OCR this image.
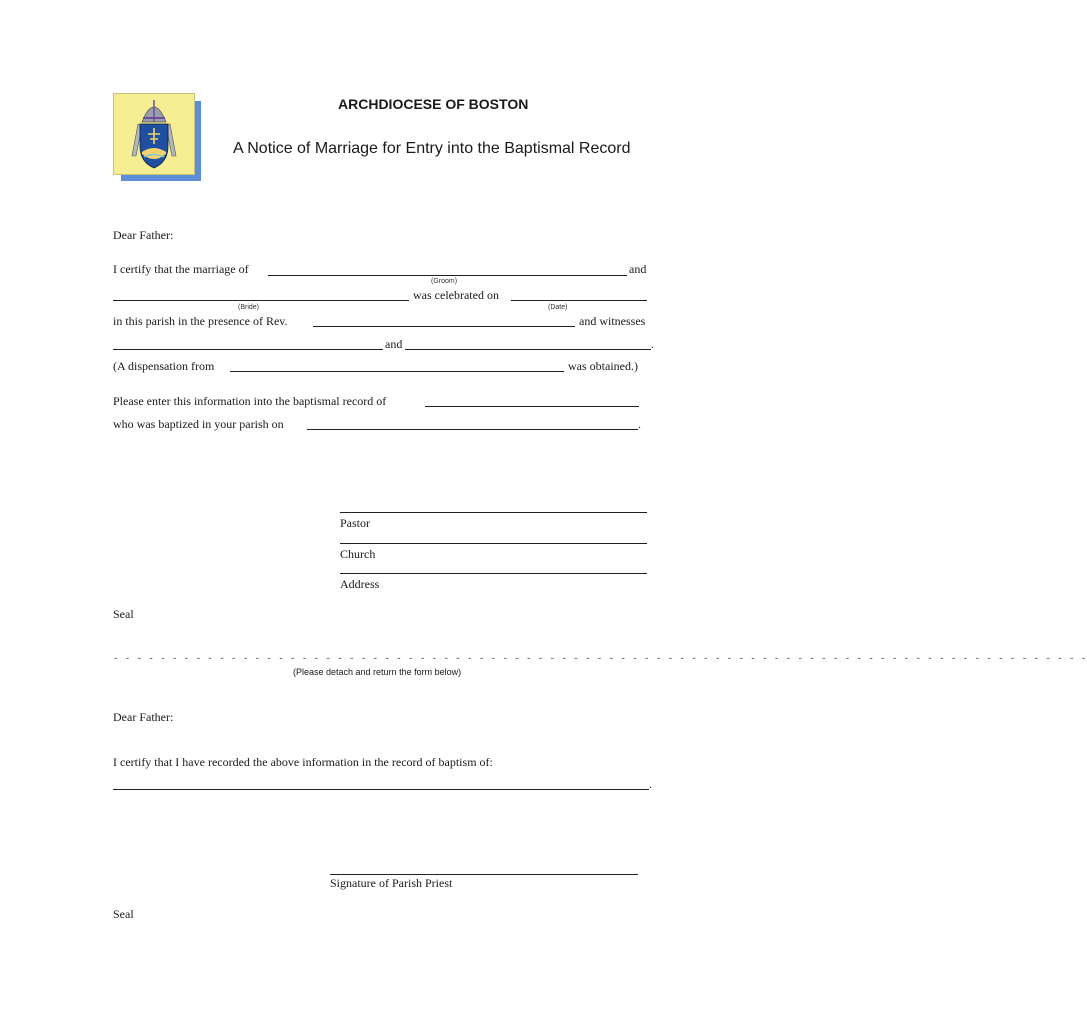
ARCHDIOCESE OF BOSTON
A Notice of Marriage for Entry into the Baptismal Record
Dear Father:
I certify that the marriage of	and
(Groom)
was celebrated on
(Bride)	(Date)
in this parish in the presence of Rev.	and witnesses
and	.
(A dispensation from	was obtained.)
Please enter this information into the baptismal record of
who was baptized in your parish on	.
Pastor
Church
Address
Seal
- - - - - - - - - - - - - - - - - - - - - - - - - - - - - - - - - - - - - - - - - - - - - - - - - - - - - - - - - - - - - - - - - - - - - - - - - - - - - - - - - - -
(Please detach and return the form below)
Dear Father:
I certify that I have recorded the above information in the record of baptism of:
.
Signature of Parish Priest
Seal
